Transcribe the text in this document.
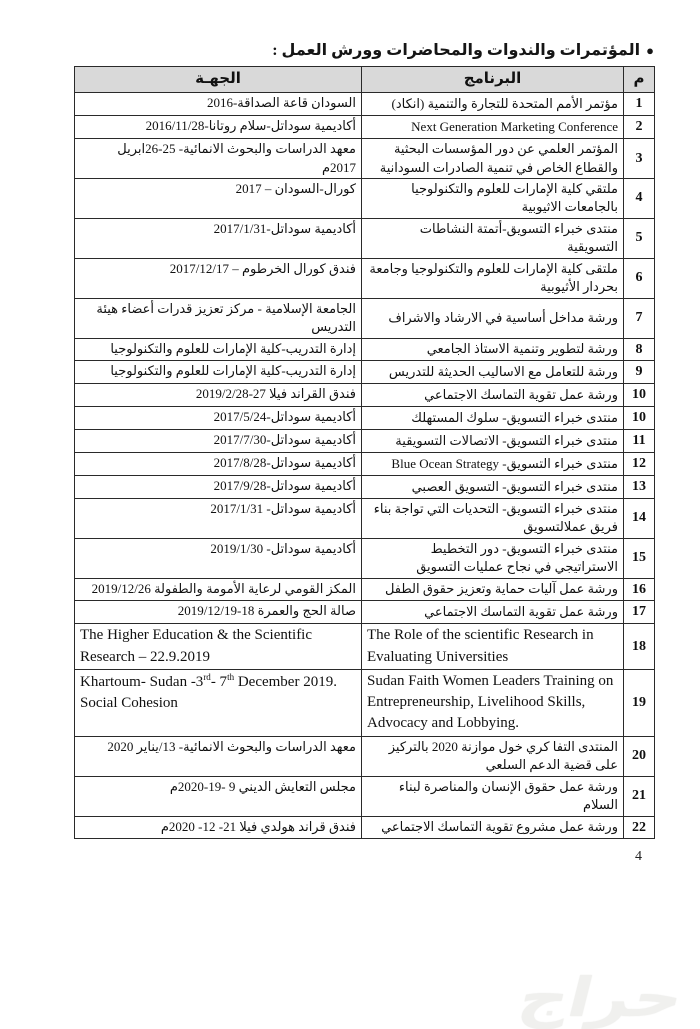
●المؤتمرات والندوات والمحاضرات وورش العمل :
م	البرنامج	الجهـة
1	مؤتمر الأمم المتحدة للتجارة والتنمية (انكاد)	السودان قاعة الصداقة-2016
2	Next Generation Marketing Conference	أكاديمية سوداتل-سلام روتانا-2016/11/28
3	المؤتمر العلمي عن دور المؤسسات البحثية والقطاع الخاص في تنمية الصادرات السودانية	معهد الدراسات والبحوث الانمائية- 25-26ابريل 2017م
4	ملتقي كلية الإمارات للعلوم والتكنولوجيا بالجامعات الاثيوبية	كورال-السودان – 2017
5	منتدى خبراء التسويق-أتمتة النشاطات التسويقية	أكاديمية سوداتل-2017/1/31
6	ملتقى كلية الإمارات للعلوم والتكنولوجيا وجامعة بحردار الأثيوبية	فندق كورال الخرطوم – 2017/12/17
7	ورشة مداخل أساسية في الارشاد والاشراف	الجامعة الإسلامية - مركز تعزيز قدرات أعضاء هيئة التدريس
8	ورشة لتطوير وتنمية الاستاذ الجامعي	إدارة التدريب-كلية الإمارات للعلوم والتكنولوجيا
9	ورشة للتعامل مع الاساليب الحديثة للتدريس	إدارة التدريب-كلية الإمارات للعلوم والتكنولوجيا
10	ورشة عمل تقوية التماسك الاجتماعي	فندق القراند فيلا 27-2019/2/28
10	منتدى خبراء التسويق- سلوك المستهلك	أكاديمية سوداتل-2017/5/24
11	منتدى خبراء التسويق- الاتصالات التسويقية	أكاديمية سوداتل-2017/7/30
12	منتدى خبراء التسويق- Blue Ocean Strategy	أكاديمية سوداتل-2017/8/28
13	منتدى خبراء التسويق- التسويق العصبي	أكاديمية سوداتل-2017/9/28
14	منتدى خبراء التسويق- التحديات التي تواجة بناء فريق عملالتسويق	أكاديمية سوداتل- 2017/1/31
15	منتدى خبراء التسويق- دور التخطيط الاستراتيجي في نجاح عمليات التسويق	أكاديمية سوداتل- 2019/1/30
16	ورشة عمل آليات حماية وتعزيز حقوق الطفل	المكز القومي لرعاية الأمومة والطفولة 2019/12/26
17	ورشة عمل تقوية التماسك الاجتماعي	صالة الحج والعمرة 18-2019/12/19
18	The Role of the scientific Research in Evaluating Universities	The Higher Education & the Scientific Research – 22.9.2019
19	Sudan Faith Women Leaders Training on Entrepreneurship, Livelihood Skills, Advocacy and Lobbying.	Khartoum- Sudan -3rd- 7th December 2019. Social Cohesion
20	المنتدى التفا كري خول موازنة 2020 بالتركيز على قضية الدعم السلعي	معهد الدراسات والبحوث الانمائية- 13/يناير 2020
21	ورشة عمل حقوق الإنسان والمناصرة لبناء السلام	مجلس التعايش الديني 9 -19-2020م
22	ورشة عمل مشروع تقوية التماسك الاجتماعي	فندق قراند هولدي فيلا 21- 12- 2020م
4
حراج
